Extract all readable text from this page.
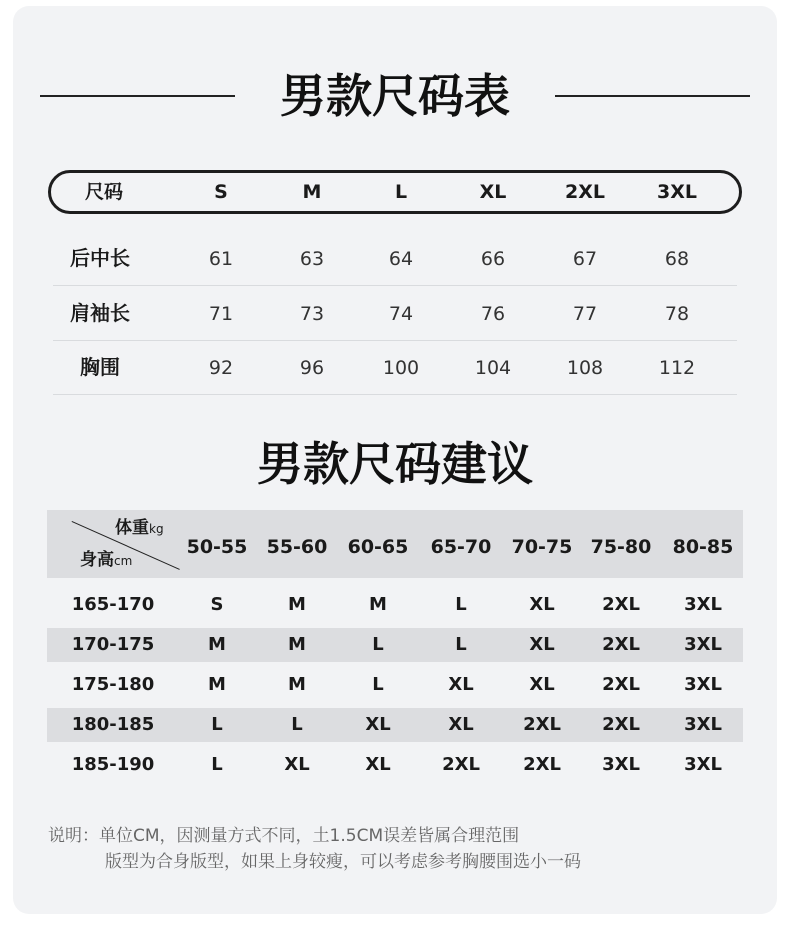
男款尺码表
尺码	S	M	L	XL	2XL	3XL
后中长	61	63	64	66	67	68
肩袖长	71	73	74	76	77	78
胸围	92	96	100	104	108	112
男款尺码建议
体重kg
身高cm
50-55 55-60 60-65 65-70 70-75 75-80 80-85
165-170	S	M	M	L	XL	2XL 3XL
170-175	M	M	L	L	XL	2XL 3XL
175-180	M	M	L	XL	XL	2XL 3XL
180-185	L	L	XL	XL	2XL 2XL 3XL
185-190	L	XL	XL	2XL 2XL 3XL 3XL
说明：单位CM，因测量方式不同，土1.5CM误差皆属合理范围
版型为合身版型，如果上身较瘦，可以考虑参考胸腰围选小一码
